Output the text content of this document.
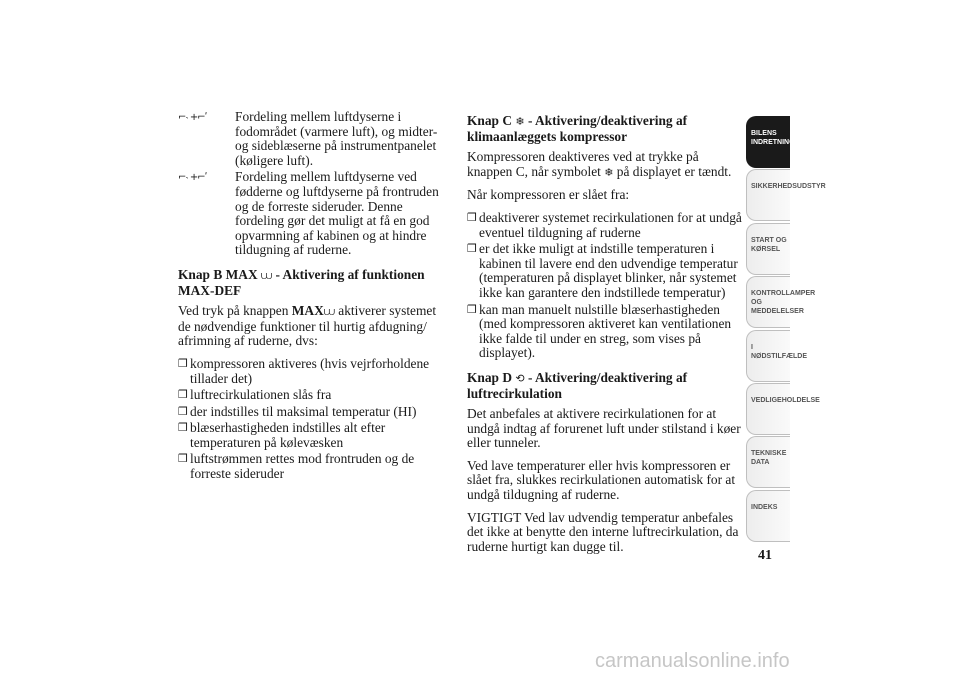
⌐˴ +⌐ʹ	Fordeling mellem luftdyserne i fodområdet (varmere luft), og midter- og sideblæserne på instrumentpanelet (køligere luft).
⌐˴ +⌐ʹ	Fordeling mellem luftdyserne ved fødderne og luftdyserne på frontruden og de forreste sideruder. Denne fordeling gør det muligt at få en god opvarmning af kabinen og at hindre tildugning af ruderne.
Knap B MAX ⩊ - Aktivering af funktionen MAX-DEF

Ved tryk på knappen MAX⩊ aktiverer systemet de nødvendige funktioner til hurtig afdugning/ afrimning af ruderne, dvs:

❒ kompressoren aktiveres (hvis vejrforholdene tillader det)
❒ luftrecirkulationen slås fra
❒ der indstilles til maksimal temperatur (HI)
❒ blæserhastigheden indstilles alt efter temperaturen på kølevæsken
❒ luftstrømmen rettes mod frontruden og de forreste sideruder
Knap C ❄ - Aktivering/deaktivering af klimaanlæggets kompressor

Kompressoren deaktiveres ved at trykke på knappen C, når symbolet ❄ på displayet er tændt.

Når kompressoren er slået fra:

❒ deaktiverer systemet recirkulationen for at undgå eventuel tildugning af ruderne
❒ er det ikke muligt at indstille temperaturen i kabinen til lavere end den udvendige temperatur (temperaturen på displayet blinker, når systemet ikke kan garantere den indstillede temperatur)
❒ kan man manuelt nulstille blæserhastigheden (med kompressoren aktiveret kan ventilationen ikke falde til under en streg, som vises på displayet).
Knap D ⟲ - Aktivering/deaktivering af luftrecirkulation

Det anbefales at aktivere recirkulationen for at undgå indtag af forurenet luft under stilstand i køer eller tunneler.

Ved lave temperaturer eller hvis kompressoren er slået fra, slukkes recirkulationen automatisk for at undgå tildugning af ruderne.

VIGTIGT Ved lav udvendig temperatur anbefales det ikke at benytte den interne luftrecirkulation, da ruderne hurtigt kan dugge til.

BILENS
INDRETNING
SIKKERHEDSUDSTYR
START OG KØRSEL
KONTROLLAMPER
OG MEDDELELSER
I NØDSTILFÆLDE
VEDLIGEHOLDELSE
TEKNISKE DATA
INDEKS
41
carmanualsonline.info
